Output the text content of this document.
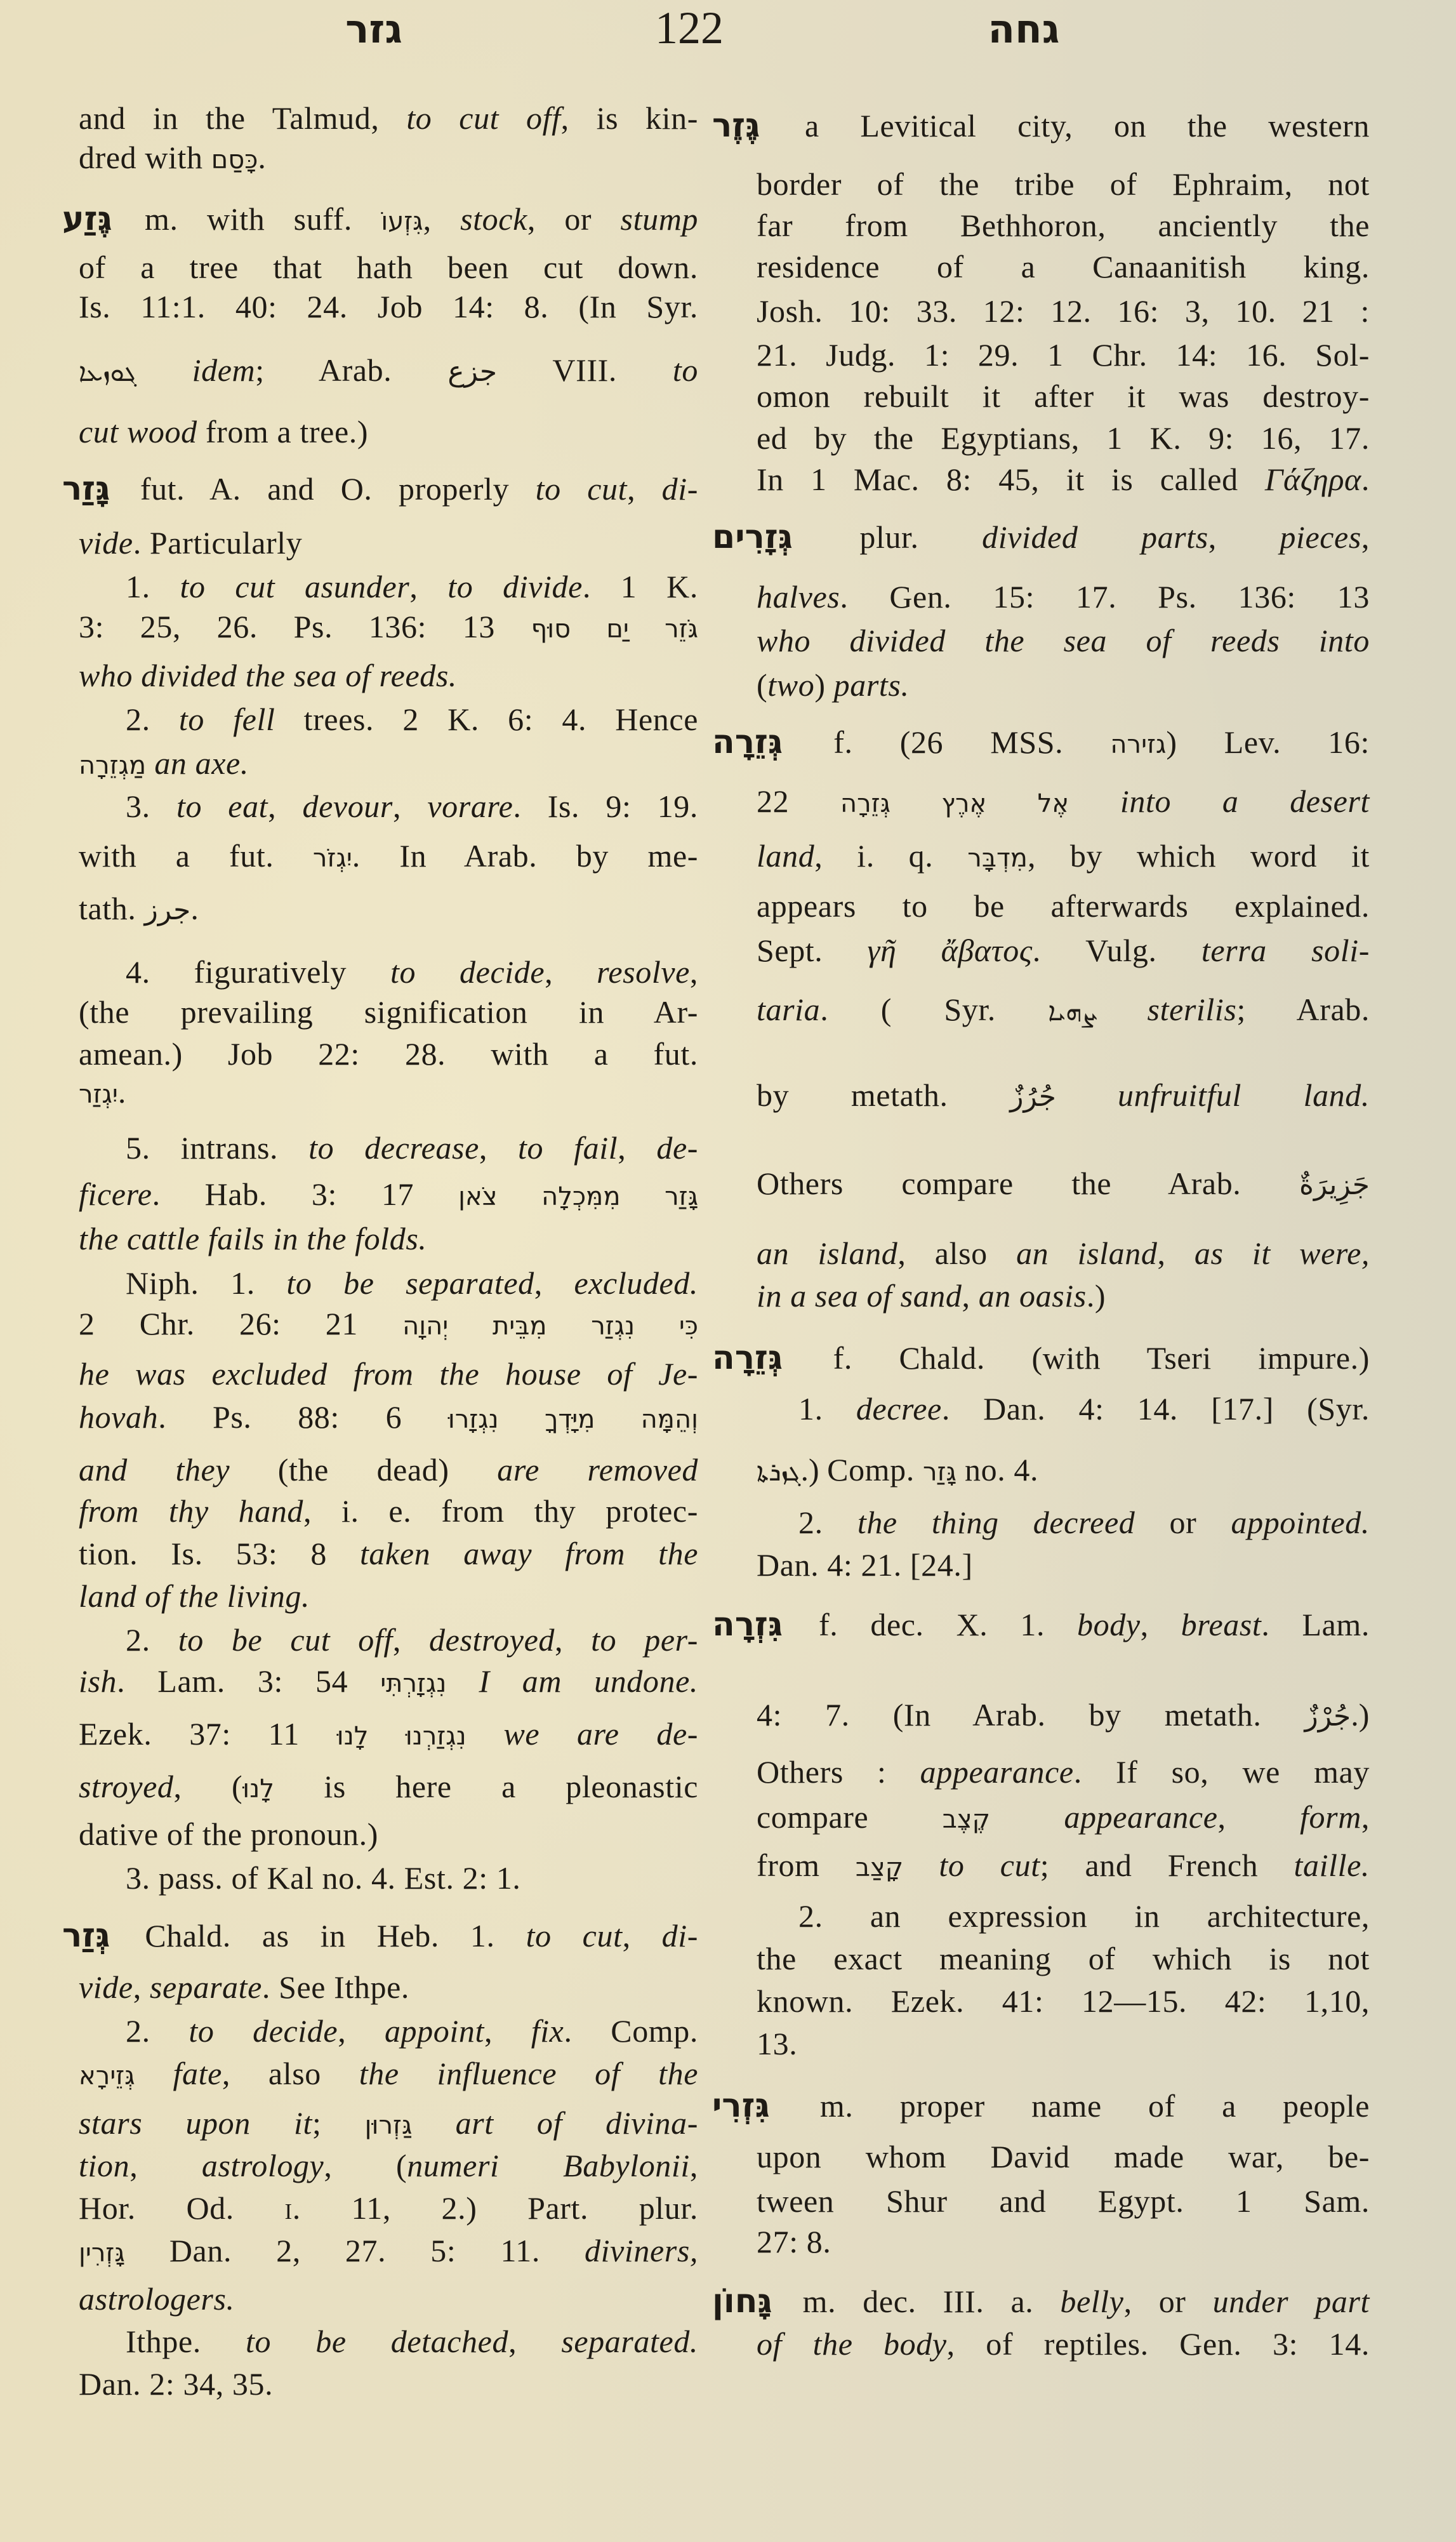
גזר	122	גחה
and in the Talmud, to cut off, is kin-
dred with כָּסַם.
גֶּזַע m. with suff. גִּזְעוֹ, stock, or stump
of a tree that hath been cut down.
Is. 11:1. 40: 24. Job 14: 8. (In Syr.
ܓܘܙܥܐ idem; Arab. جزع VIII. to
cut wood from a tree.)
גָּזַר fut. A. and O. properly to cut, di-
vide. Particularly
1. to cut asunder, to divide. 1 K.
3: 25, 26. Ps. 136: 13 גֹּזֵר יַם סוּף
who divided the sea of reeds.
2. to fell trees. 2 K. 6: 4. Hence
מַגְזֵרָה an axe.
3. to eat, devour, vorare. Is. 9: 19.
with a fut. יִגְזֹר. In Arab. by me-
tath. جرز.
4. figuratively to decide, resolve,
(the prevailing signification in Ar-
amean.) Job 22: 28. with a fut.
יִגְזַר.
5. intrans. to decrease, to fail, de-
ficere. Hab. 3: 17 גָּזַר מִמִּכְלָה צֹאן
the cattle fails in the folds.
Niph. 1. to be separated, excluded.
2 Chr. 26: 21 כִּי נִגְזַר מִבֵּית יְהוָה
he was excluded from the house of Je-
hovah. Ps. 88: 6 וְהֵמָּה מִיָּדְךָ נִגְזָרוּ
and they (the dead) are removed
from thy hand, i. e. from thy protec-
tion. Is. 53: 8 taken away from the
land of the living.
2. to be cut off, destroyed, to per-
ish. Lam. 3: 54 נִגְזָרְתִּי I am undone.
Ezek. 37: 11 נִגְזַרְנוּ לָנוּ we are de-
stroyed, (לָנוּ is here a pleonastic
dative of the pronoun.)
3. pass. of Kal no. 4. Est. 2: 1.
גְּזַר Chald. as in Heb. 1. to cut, di-
vide, separate. See Ithpe.
2. to decide, appoint, fix. Comp.
גְּזֵירָא fate, also the influence of the
stars upon it; גַּזְרוּן art of divina-
tion, astrology, (numeri Babylonii,
Hor. Od. i. 11, 2.) Part. plur.
גָּזְרִין Dan. 2, 27. 5: 11. diviners,
astrologers.
Ithpe. to be detached, separated.
Dan. 2: 34, 35.
גֶּזֶר a Levitical city, on the western
border of the tribe of Ephraim, not
far from Bethhoron, anciently the
residence of a Canaanitish king.
Josh. 10: 33. 12: 12. 16: 3, 10. 21 :
21. Judg. 1: 29. 1 Chr. 14: 16. Sol-
omon rebuilt it after it was destroy-
ed by the Egyptians, 1 K. 9: 16, 17.
In 1 Mac. 8: 45, it is called Γάζηρα.
גְּזָרִים plur. divided parts, pieces,
halves. Gen. 15: 17. Ps. 136: 13
who divided the sea of reeds into
(two) parts.
גְּזֵרָה f. (26 MSS. גזירה) Lev. 16:
22 אֶל אֶרֶץ גְּזֵרָה into a desert
land, i. q. מִדְבָּר, by which word it
appears to be afterwards explained.
Sept. γῆ ἄβατος. Vulg. terra soli-
taria. ( Syr. ܨܗܝܐ sterilis; Arab.
by metath. جُرُزٌ unfruitful land.
Others compare the Arab. جَزِيرَةٌ
an island, also an island, as it were,
in a sea of sand, an oasis.)
גְּזֵרָה f. Chald. (with Tseri impure.)
1. decree. Dan. 4: 14. [17.] (Syr.
ܓܙܪܬܐ.) Comp. גָּזַר no. 4.
2. the thing decreed or appointed.
Dan. 4: 21. [24.]
גִּזְרָה f. dec. X. 1. body, breast. Lam.
4: 7. (In Arab. by metath. جُرْزٌ.)
Others : appearance. If so, we may
compare קֶצֶב appearance, form,
from קָצַב to cut; and French taille.
2. an expression in architecture,
the exact meaning of which is not
known. Ezek. 41: 12—15. 42: 1,10,
13.
גִּזְרִי m. proper name of a people
upon whom David made war, be-
tween Shur and Egypt. 1 Sam.
27: 8.
גָּחוֹן m. dec. III. a. belly, or under part
of the body, of reptiles. Gen. 3: 14.
